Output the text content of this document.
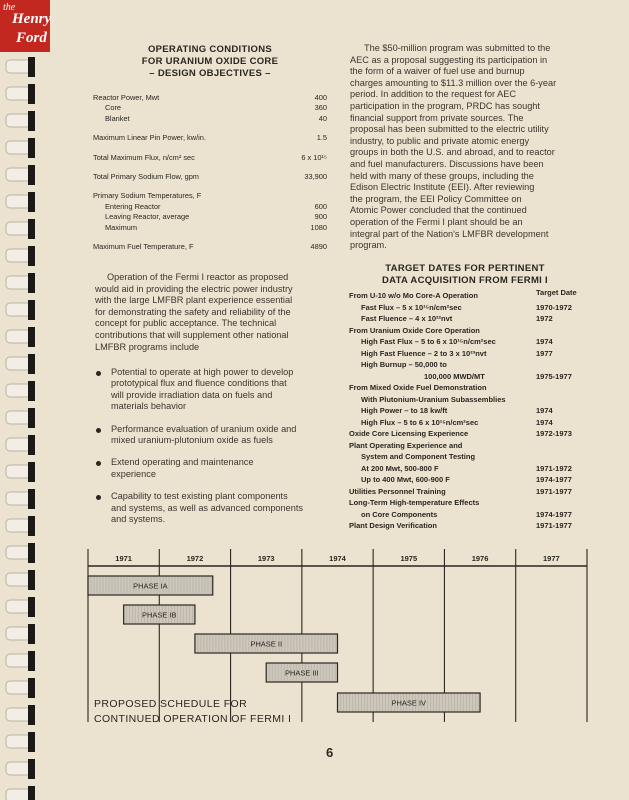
the
Henry
Ford
OPERATING CONDITIONS
FOR URANIUM OXIDE CORE
– DESIGN OBJECTIVES –
Reactor Power, Mwt	400
Core	360
Blanket	40
Maximum Linear Pin Power, kw/in.	1.5
Total Maximum Flux, n/cm² sec	6 x 10¹⁵
Total Primary Sodium Flow, gpm	33,900
Primary Sodium Temperatures, F
Entering Reactor	600
Leaving Reactor, average	900
Maximum	1080
Maximum Fuel Temperature, F	4890
Operation of the Fermi I reactor as proposed
would aid in providing the electric power industry
with the large LMFBR plant experience essential
for demonstrating the safety and reliability of the
concept for public acceptance. The technical
contributions that will supplement other national
LMFBR programs include
Potential to operate at high power to develop
prototypical flux and fluence conditions that
will provide irradiation data on fuels and
materials behavior
Performance evaluation of uranium oxide and
mixed uranium-plutonium oxide as fuels
Extend operating and maintenance
experience
Capability to test existing plant components
and systems, as well as advanced components
and systems.
The $50-million program was submitted to the
AEC as a proposal suggesting its participation in
the form of a waiver of fuel use and burnup
charges amounting to $11.3 million over the 6-year
period. In addition to the request for AEC
participation in the program, PRDC has sought
financial support from private sources. The
proposal has been submitted to the electric utility
industry, to public and private atomic energy
groups in both the U.S. and abroad, and to reactor
and fuel manufacturers. Discussions have been
held with many of these groups, including the
Edison Electric Institute (EEI). After reviewing
the program, the EEI Policy Committee on
Atomic Power concluded that the continued
operation of the Fermi I plant should be an
integral part of the Nation's LMFBR development
program.
TARGET DATES FOR PERTINENT
DATA ACQUISITION FROM FERMI I
Target Date
From U-10 w/o Mo Core-A Operation
Fast Flux – 5 x 10¹⁵n/cm²sec	1970-1972
Fast Fluence – 4 x 10²²nvt	1972
From Uranium Oxide Core Operation
High Fast Flux – 5 to 6 x 10¹⁵n/cm²sec	1974
High Fast Fluence – 2 to 3 x 10²³nvt	1977
High Burnup – 50,000 to
100,000 MWD/MT	1975-1977
From Mixed Oxide Fuel Demonstration
With Plutonium-Uranium Subassemblies
High Power – to 18 kw/ft	1974
High Flux – 5 to 6 x 10¹⁵n/cm²sec	1974
Oxide Core Licensing Experience	1972-1973
Plant Operating Experience and
System and Component Testing
At 200 Mwt, 500-800 F	1971-1972
Up to 400 Mwt, 600-900 F	1974-1977
Utilities Personnel Training	1971-1977
Long-Term High-temperature Effects
on Core Components	1974-1977
Plant Design Verification	1971-1977
1971	1972	1973	1974	1975	1976	1977
PHASE IA
PHASE IB
PHASE II
PHASE III
PHASE IV
PROPOSED SCHEDULE FOR
CONTINUED OPERATION OF FERMI I
6
